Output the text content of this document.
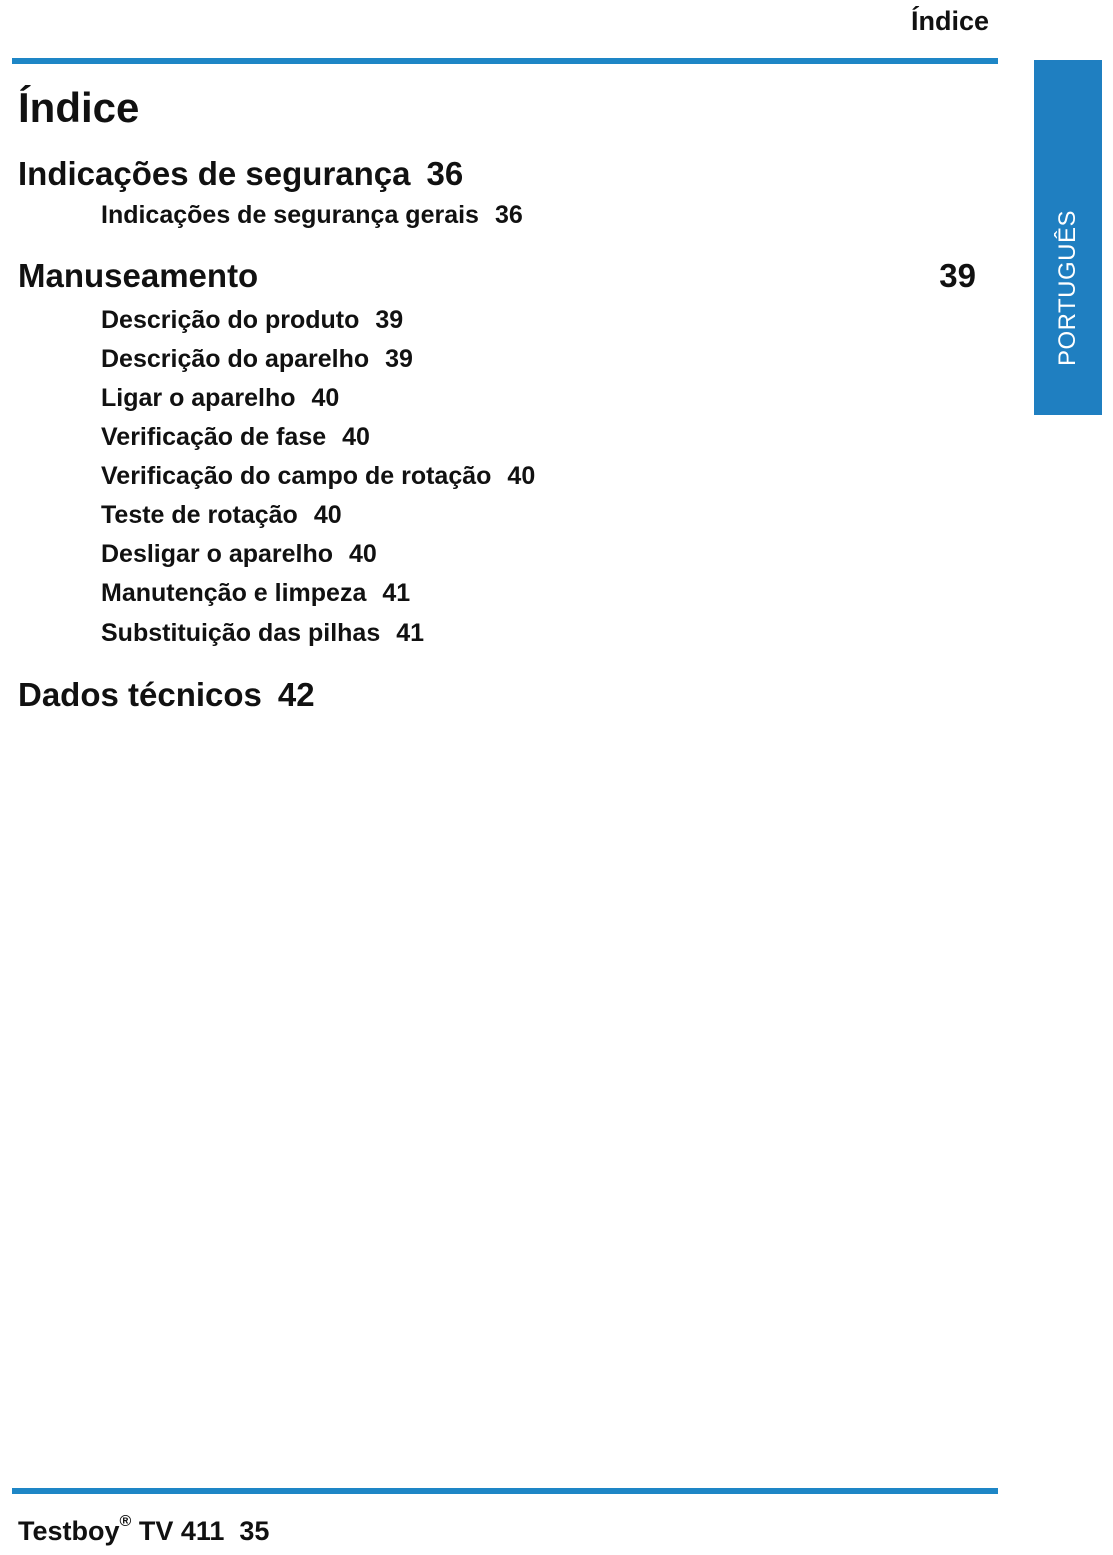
Índice
PORTUGUÊS
Índice
Indicações de segurança 36
Indicações de segurança gerais 36
Manuseamento	39
Descrição do produto 39
Descrição do aparelho 39
Ligar o aparelho 40
Verificação de fase 40
Verificação do campo de rotação 40
Teste de rotação 40
Desligar o aparelho 40
Manutenção e limpeza 41
Substituição das pilhas 41
Dados técnicos 42
Testboy® TV 411 35
